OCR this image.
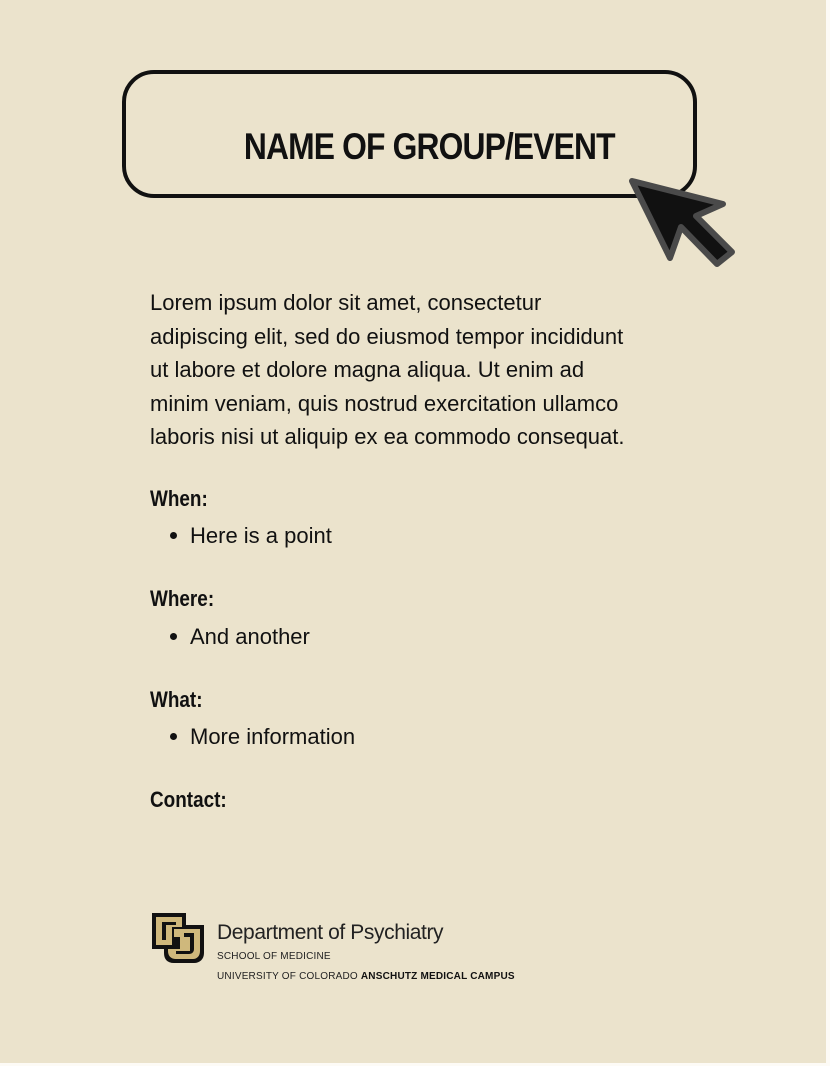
NAME OF GROUP/EVENT
Lorem ipsum dolor sit amet, consectetur
adipiscing elit, sed do eiusmod tempor incididunt
ut labore et dolore magna aliqua. Ut enim ad
minim veniam, quis nostrud exercitation ullamco
laboris nisi ut aliquip ex ea commodo consequat.
When:
Here is a point
Where:
And another
What:
More information
Contact:
Department of Psychiatry
SCHOOL OF MEDICINE
UNIVERSITY OF COLORADO ANSCHUTZ MEDICAL CAMPUS
